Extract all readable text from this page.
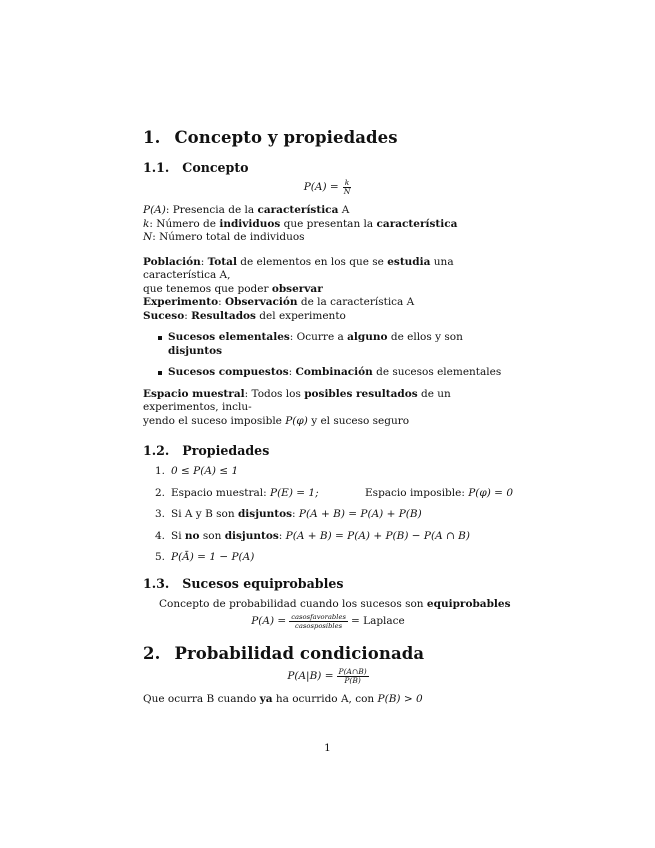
1. Concepto y propiedades
1.1. Concepto
$P(A) = \frac{k}{N}$
P(A): Presencia de la característica A
k: Número de individuos que presentan la característica
N: Número total de individuos
Población: Total de elementos en los que se estudia una característica A,
que tenemos que poder observar
Experimento: Observación de la característica A
Suceso: Resultados del experimento
Sucesos elementales: Ocurre a alguno de ellos y son disjuntos
Sucesos compuestos: Combinación de sucesos elementales
Espacio muestral: Todos los posibles resultados de un experimentos, inclu-
yendo el suceso imposible P(φ) y el suceso seguro
1.2. Propiedades
1. 0 ≤ P(A) ≤ 1
2. Espacio muestral: P(E) = 1;	Espacio imposible: P(φ) = 0
3. Si A y B son disjuntos: P(A + B) = P(A) + P(B)
4. Si no son disjuntos: P(A + B) = P(A) + P(B) − P(A ∩ B)
5. P(Ā) = 1 − P(A)
1.3. Sucesos equiprobables
Concepto de probabilidad cuando los sucesos son equiprobables
$P(A) = \frac{\text{casosfavorables}}{\text{casosposibles}}$ = Laplace
2. Probabilidad condicionada
$P(A|B) = \frac{P(A\cap B)}{P(B)}$
Que ocurra B cuando ya ha ocurrido A, con P(B) > 0
1
